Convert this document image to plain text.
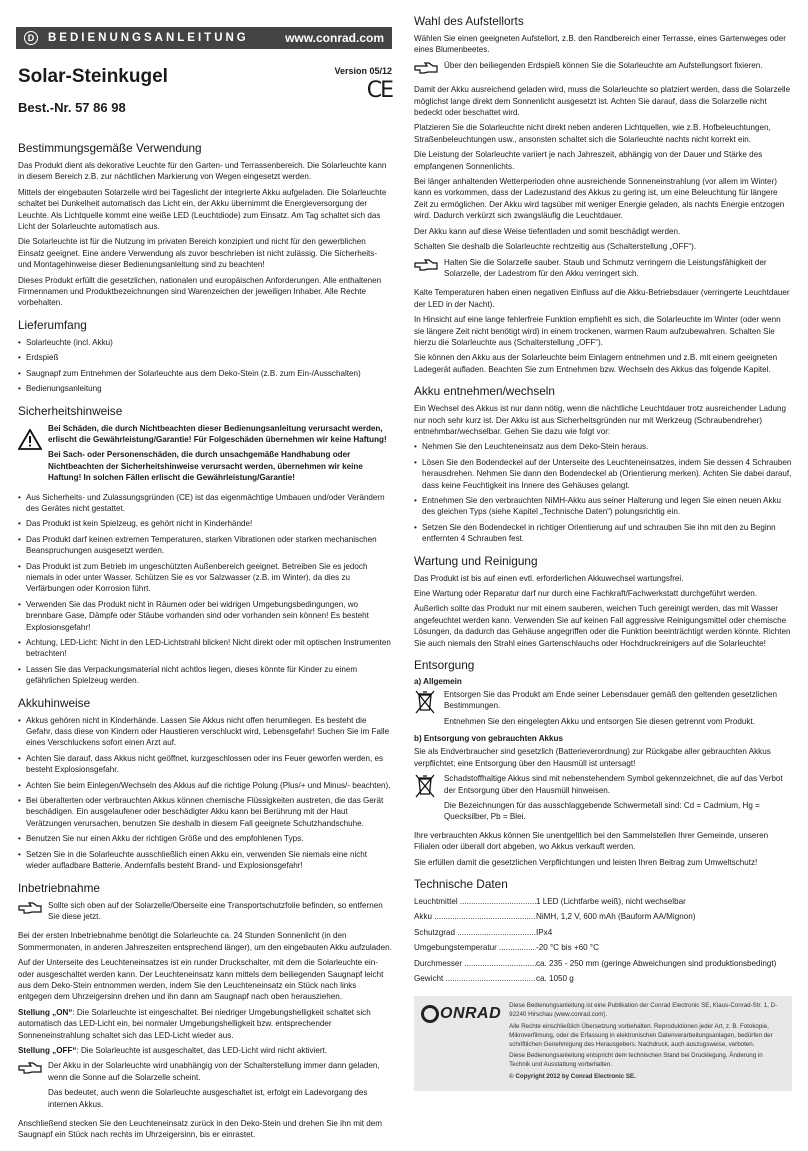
D	BEDIENUNGSANLEITUNG	www.conrad.com
Solar-Steinkugel
Best.-Nr. 57 86 98
Version 05/12
CE
Bestimmungsgemäße Verwendung

Das Produkt dient als dekorative Leuchte für den Garten- und Terrassenbereich. Die Solarleuchte kann in diesem Bereich z.B. zur nächtlichen Markierung von Wegen eingesetzt werden.

Mittels der eingebauten Solarzelle wird bei Tageslicht der integrierte Akku aufgeladen. Die Solarleuchte schaltet bei Dunkelheit automatisch das Licht ein, der Akku übernimmt die Energieversorgung der Leuchte. Als Lichtquelle kommt eine weiße LED (Leuchtdiode) zum Einsatz. Am Tag schaltet sich das Licht der Solarleuchte automatisch aus.

Die Solarleuchte ist für die Nutzung im privaten Bereich konzipiert und nicht für den gewerblichen Einsatz geeignet. Eine andere Verwendung als zuvor beschrieben ist nicht zulässig. Die Sicherheits- und Montagehinweise dieser Bedienungsanleitung sind zu beachten!

Dieses Produkt erfüllt die gesetzlichen, nationalen und europäischen Anforderungen. Alle enthaltenen Firmennamen und Produktbezeichnungen sind Warenzeichen der jeweiligen Inhaber. Alle Rechte vorbehalten.

Lieferumfang
• Solarleuchte (incl. Akku)
• Erdspieß
• Saugnapf zum Entnehmen der Solarleuchte aus dem Deko-Stein (z.B. zum Ein-/Ausschalten)
• Bedienungsanleitung
Sicherheitshinweise

Bei Schäden, die durch Nichtbeachten dieser Bedienungsanleitung verursacht werden, erlischt die Gewährleistung/Garantie! Für Folgeschäden übernehmen wir keine Haftung!

Bei Sach- oder Personenschäden, die durch unsachgemäße Handhabung oder Nichtbeachten der Sicherheitshinweise verursacht werden, übernehmen wir keine Haftung! In solchen Fällen erlischt die Gewährleistung/Garantie!

• Aus Sicherheits- und Zulassungsgründen (CE) ist das eigenmächtige Umbauen und/oder Verändern des Gerätes nicht gestattet.
• Das Produkt ist kein Spielzeug, es gehört nicht in Kinderhände!
• Das Produkt darf keinen extremen Temperaturen, starken Vibrationen oder starken mechanischen Beanspruchungen ausgesetzt werden.
• Das Produkt ist zum Betrieb im ungeschützten Außenbereich geeignet. Betreiben Sie es jedoch niemals in oder unter Wasser. Schützen Sie es vor Salzwasser (z.B. im Winter), da dies zu Verfärbungen oder Korrosion führt.
• Verwenden Sie das Produkt nicht in Räumen oder bei widrigen Umgebungsbedingungen, wo brennbare Gase, Dämpfe oder Stäube vorhanden sind oder vorhanden sein können! Es besteht Explosionsgefahr!
• Achtung, LED-Licht: Nicht in den LED-Lichtstrahl blicken! Nicht direkt oder mit optischen Instrumenten betrachten!
• Lassen Sie das Verpackungsmaterial nicht achtlos liegen, dieses könnte für Kinder zu einem gefährlichen Spielzeug werden.
Akkuhinweise
• Akkus gehören nicht in Kinderhände. Lassen Sie Akkus nicht offen herumliegen. Es besteht die Gefahr, dass diese von Kindern oder Haustieren verschluckt wird, Lebensgefahr! Suchen Sie im Falle eines Verschluckens sofort einen Arzt auf.
• Achten Sie darauf, dass Akkus nicht geöffnet, kurzgeschlossen oder ins Feuer geworfen werden, es besteht Explosionsgefahr.
• Achten Sie beim Einlegen/Wechseln des Akkus auf die richtige Polung (Plus/+ und Minus/- beachten).
• Bei überalterten oder verbrauchten Akkus können chemische Flüssigkeiten austreten, die das Gerät beschädigen. Ein ausgelaufener oder beschädigter Akku kann bei Berührung mit der Haut Verätzungen verursachen, benutzen Sie deshalb in diesem Fall geeignete Schutzhandschuhe.
• Benutzen Sie nur einen Akku der richtigen Größe und des empfohlenen Typs.
• Setzen Sie in die Solarleuchte ausschließlich einen Akku ein, verwenden Sie niemals eine nicht wieder aufladbare Batterie. Andernfalls besteht Brand- und Explosionsgefahr!
Inbetriebnahme

Sollte sich oben auf der Solarzelle/Oberseite eine Transportschutzfolie befinden, so entfernen Sie diese jetzt.

Bei der ersten Inbetriebnahme benötigt die Solarleuchte ca. 24 Stunden Sonnenlicht (in den Sommermonaten, in anderen Jahreszeiten entsprechend länger), um den eingebauten Akku aufzuladen.

Auf der Unterseite des Leuchteneinsatzes ist ein runder Druckschalter, mit dem die Solarleuchte ein- oder ausgeschaltet werden kann. Der Leuchteneinsatz kann mittels dem beiliegenden Saugnapf leicht aus dem Deko-Stein entnommen werden, indem Sie den Leuchteneinsatz ein Stück nach links entgegen dem Uhrzeigersinn drehen und ihn dann am Saugnapf nach oben herausziehen.

Stellung „ON“: Die Solarleuchte ist eingeschaltet. Bei niedriger Umgebungshelligkeit schaltet sich automatisch das LED-Licht ein, bei normaler Umgebungshelligkeit bzw. entsprechender Sonneneinstrahlung schaltet sich das LED-Licht wieder aus.

Stellung „OFF“: Die Solarleuchte ist ausgeschaltet, das LED-Licht wird nicht aktiviert.

Der Akku in der Solarleuchte wird unabhängig von der Schalterstellung immer dann geladen, wenn die Sonne auf die Solarzelle scheint.

Das bedeutet, auch wenn die Solarleuchte ausgeschaltet ist, erfolgt ein Ladevorgang des internen Akkus.

Anschließend stecken Sie den Leuchteneinsatz zurück in den Deko-Stein und drehen Sie ihn mit dem Saugnapf ein Stück nach rechts im Uhrzeigersinn, bis er einrastet.

Wahl des Aufstellorts

Wählen Sie einen geeigneten Aufstellort, z.B. den Randbereich einer Terrasse, eines Gartenweges oder eines Blumenbeetes.

Über den beiliegenden Erdspieß können Sie die Solarleuchte am Aufstellungsort fixieren.

Damit der Akku ausreichend geladen wird, muss die Solarleuchte so platziert werden, dass die Solarzelle möglichst lange direkt dem Sonnenlicht ausgesetzt ist. Achten Sie darauf, dass die Solarzelle nicht bedeckt oder beschattet wird.

Platzieren Sie die Solarleuchte nicht direkt neben anderen Lichtquellen, wie z.B. Hofbeleuchtungen, Straßenbeleuchtungen usw., ansonsten schaltet sich die Solarleuchte nachts nicht korrekt ein.

Die Leistung der Solarleuchte variiert je nach Jahreszeit, abhängig von der Dauer und Stärke des empfangenen Sonnenlichts.

Bei länger anhaltenden Wetterperioden ohne ausreichende Sonneneinstrahlung (vor allem im Winter) kann es vorkommen, dass der Ladezustand des Akkus zu gering ist, um eine Beleuchtung für längere Zeit zu ermöglichen. Der Akku wird tagsüber mit weniger Energie geladen, als nachts Energie entzogen wird. Dadurch verkürzt sich zwangsläufig die Leuchtdauer.

Der Akku kann auf diese Weise tiefentladen und somit beschädigt werden.

Schalten Sie deshalb die Solarleuchte rechtzeitig aus (Schalterstellung „OFF“).

Halten Sie die Solarzelle sauber. Staub und Schmutz verringern die Leistungsfähigkeit der Solarzelle, der Ladestrom für den Akku verringert sich.

Kalte Temperaturen haben einen negativen Einfluss auf die Akku-Betriebsdauer (verringerte Leuchtdauer der LED in der Nacht).

In Hinsicht auf eine lange fehlerfreie Funktion empfiehlt es sich, die Solarleuchte im Winter (oder wenn sie längere Zeit nicht benötigt wird) in einem trockenen, warmen Raum aufzubewahren. Schalten Sie hierzu die Solarleuchte aus (Schalterstellung „OFF“).

Sie können den Akku aus der Solarleuchte beim Einlagern entnehmen und z.B. mit einem geeigneten Ladegerät aufladen. Beachten Sie zum Entnehmen bzw. Wechseln des Akkus das folgende Kapitel.

Akku entnehmen/wechseln

Ein Wechsel des Akkus ist nur dann nötig, wenn die nächtliche Leuchtdauer trotz ausreichender Ladung nur noch sehr kurz ist. Der Akku ist aus Sicherheitsgründen nur mit Werkzeug (Schraubendreher) entnehmbar/wechselbar. Gehen Sie dazu wie folgt vor:

• Nehmen Sie den Leuchteneinsatz aus dem Deko-Stein heraus.
• Lösen Sie den Bodendeckel auf der Unterseite des Leuchteneinsatzes, indem Sie dessen 4 Schrauben herausdrehen. Nehmen Sie dann den Bodendeckel ab (Orientierung merken). Achten Sie dabei darauf, dass keine Feuchtigkeit ins Innere des Gehäuses gelangt.
• Entnehmen Sie den verbrauchten NiMH-Akku aus seiner Halterung und legen Sie einen neuen Akku des gleichen Typs (siehe Kapitel „Technische Daten“) polungsrichtig ein.
• Setzen Sie den Bodendeckel in richtiger Orientierung auf und schrauben Sie ihn mit den zu Beginn entfernten 4 Schrauben fest.
Wartung und Reinigung

Das Produkt ist bis auf einen evtl. erforderlichen Akkuwechsel wartungsfrei.

Eine Wartung oder Reparatur darf nur durch eine Fachkraft/Fachwerkstatt durchgeführt werden.

Äußerlich sollte das Produkt nur mit einem sauberen, weichen Tuch gereinigt werden, das mit Wasser angefeuchtet werden kann. Verwenden Sie auf keinen Fall aggressive Reinigungsmittel oder chemische Lösungen, da dadurch das Gehäuse angegriffen oder die Funktion beeinträchtigt werden könnte. Richten Sie auch niemals den Strahl eines Gartenschlauchs oder Hochdruckreinigers auf die Solarleuchte!

Entsorgung
a) Allgemein

Entsorgen Sie das Produkt am Ende seiner Lebensdauer gemäß den geltenden gesetzlichen Bestimmungen.

Entnehmen Sie den eingelegten Akku und entsorgen Sie diesen getrennt vom Produkt.

b) Entsorgung von gebrauchten Akkus

Sie als Endverbraucher sind gesetzlich (Batterieverordnung) zur Rückgabe aller gebrauchten Akkus verpflichtet; eine Entsorgung über den Hausmüll ist untersagt!

Schadstoffhaltige Akkus sind mit nebenstehendem Symbol gekennzeichnet, die auf das Verbot der Entsorgung über den Hausmüll hinweisen.

Die Bezeichnungen für das ausschlaggebende Schwermetall sind: Cd = Cadmium, Hg = Quecksilber, Pb = Blei.

Ihre verbrauchten Akkus können Sie unentgeltlich bei den Sammelstellen Ihrer Gemeinde, unseren Filialen oder überall dort abgeben, wo Akkus verkauft werden.

Sie erfüllen damit die gesetzlichen Verpflichtungen und leisten Ihren Beitrag zum Umweltschutz!

Technische Daten
Leuchtmittel .....	1 LED (Lichtfarbe weiß), nicht wechselbar
Akku .....	NiMH, 1,2 V, 600 mAh (Bauform AA/Mignon)
Schutzgrad .....	IPx4
Umgebungstemperatur .....	-20 °C bis +60 °C
Durchmesser .....	ca. 235 - 250 mm (geringe Abweichungen sind produktionsbedingt)
Gewicht .....	ca. 1050 g
ONRAD Diese Bedienungsanleitung ist eine Publikation der Conrad Electronic SE, Klaus-Conrad-Str. 1, D-92240 Hirschau (www.conrad.com).

Alle Rechte einschließlich Übersetzung vorbehalten. Reproduktionen jeder Art, z. B. Fotokopie, Mikroverfilmung, oder die Erfassung in elektronischen Datenverarbeitungsanlagen, bedürfen der schriftlichen Genehmigung des Herausgebers. Nachdruck, auch auszugsweise, verboten.

Diese Bedienungsanleitung entspricht dem technischen Stand bei Drucklegung. Änderung in Technik und Ausstattung vorbehalten.

© Copyright 2012 by Conrad Electronic SE.
